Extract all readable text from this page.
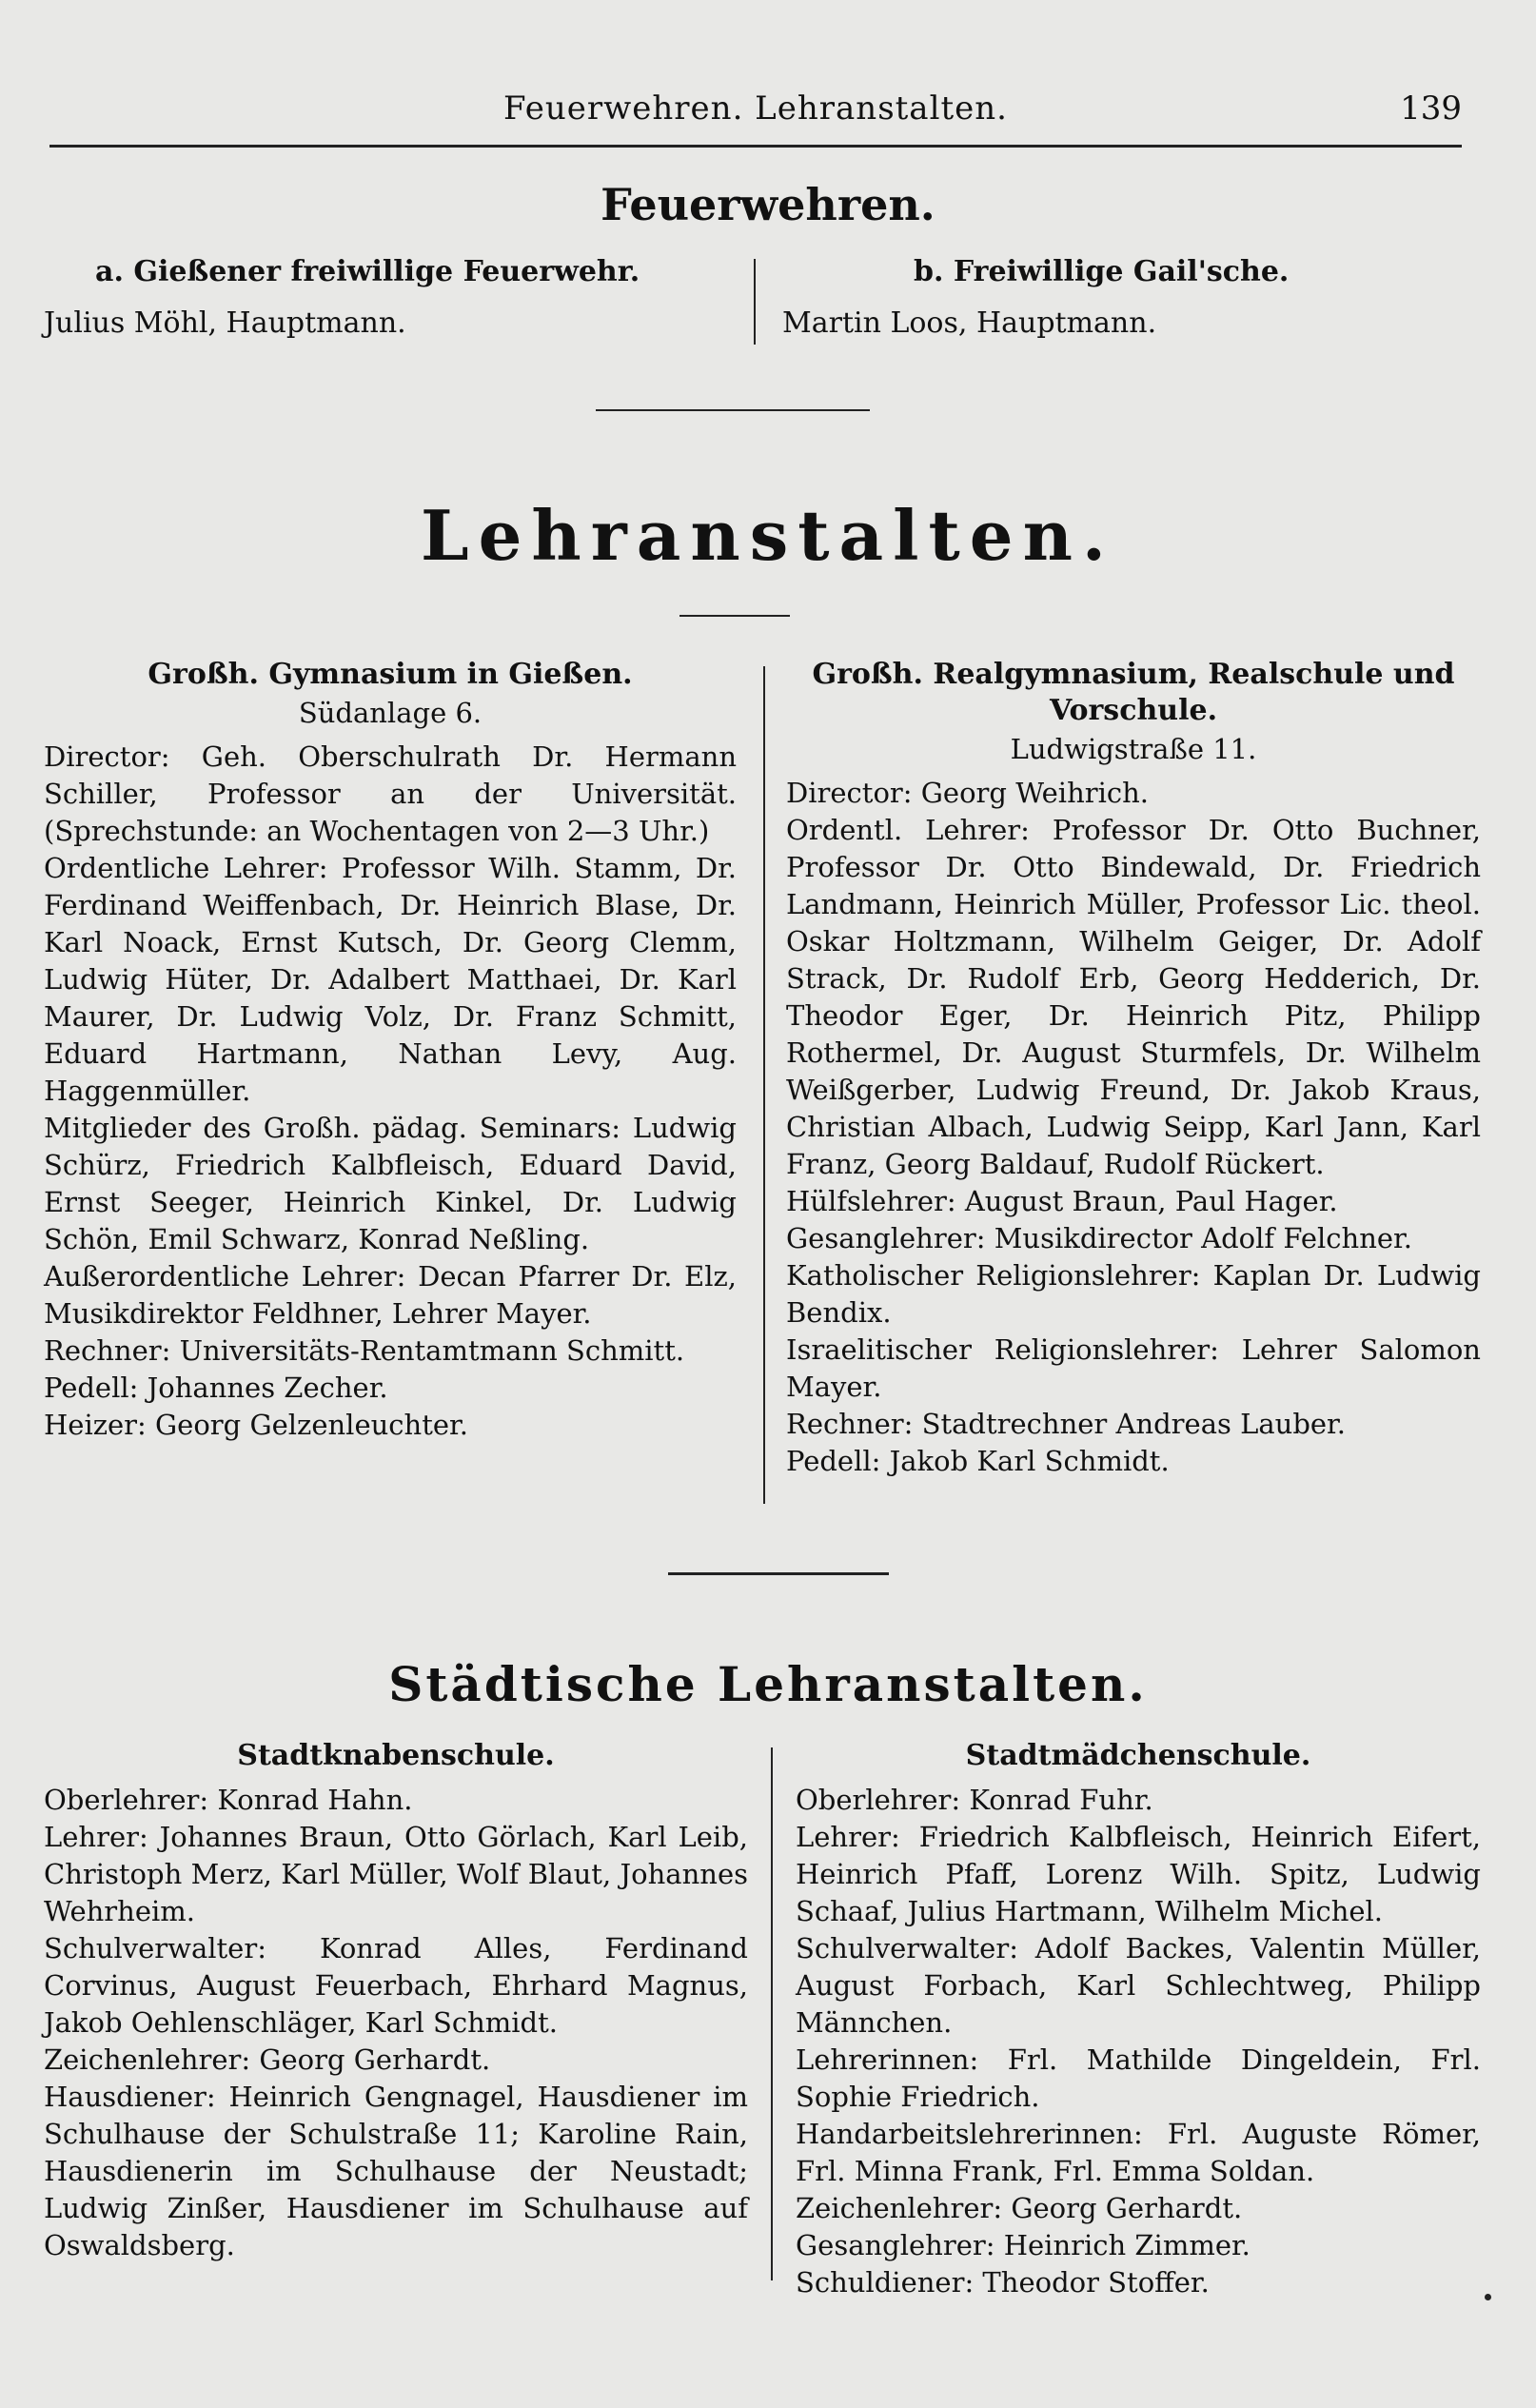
Feuerwehren. Lehranstalten.	139
Feuerwehren.
a. Gießener freiwillige Feuerwehr.
Julius Möhl, Hauptmann.
b. Freiwillige Gail'sche.
Martin Loos, Hauptmann.
Lehranstalten.
Großh. Gymnasium in Gießen.
Südanlage 6.

Director: Geh. Oberschulrath Dr. Hermann Schiller, Professor an der Universität. (Sprechstunde: an Wochentagen von 2—3 Uhr.)

Ordentliche Lehrer: Professor Wilh. Stamm, Dr. Ferdinand Weiffenbach, Dr. Heinrich Blase, Dr. Karl Noack, Ernst Kutsch, Dr. Georg Clemm, Ludwig Hüter, Dr. Adalbert Matthaei, Dr. Karl Maurer, Dr. Ludwig Volz, Dr. Franz Schmitt, Eduard Hartmann, Nathan Levy, Aug. Haggenmüller.

Mitglieder des Großh. pädag. Seminars: Ludwig Schürz, Friedrich Kalbfleisch, Eduard David, Ernst Seeger, Heinrich Kinkel, Dr. Ludwig Schön, Emil Schwarz, Konrad Neßling.

Außerordentliche Lehrer: Decan Pfarrer Dr. Elz, Musikdirektor Feldhner, Lehrer Mayer.

Rechner: Universitäts-Rentamtmann Schmitt.

Pedell: Johannes Zecher.

Heizer: Georg Gelzenleuchter.

Großh. Realgymnasium, Realschule und Vorschule.
Ludwigstraße 11.

Director: Georg Weihrich.

Ordentl. Lehrer: Professor Dr. Otto Buchner, Professor Dr. Otto Bindewald, Dr. Friedrich Landmann, Heinrich Müller, Professor Lic. theol. Oskar Holtzmann, Wilhelm Geiger, Dr. Adolf Strack, Dr. Rudolf Erb, Georg Hedderich, Dr. Theodor Eger, Dr. Heinrich Pitz, Philipp Rothermel, Dr. August Sturmfels, Dr. Wilhelm Weißgerber, Ludwig Freund, Dr. Jakob Kraus, Christian Albach, Ludwig Seipp, Karl Jann, Karl Franz, Georg Baldauf, Rudolf Rückert.

Hülfslehrer: August Braun, Paul Hager.

Gesanglehrer: Musikdirector Adolf Felchner.

Katholischer Religionslehrer: Kaplan Dr. Ludwig Bendix.

Israelitischer Religionslehrer: Lehrer Salomon Mayer.

Rechner: Stadtrechner Andreas Lauber.

Pedell: Jakob Karl Schmidt.

Städtische Lehranstalten.
Stadtknabenschule.

Oberlehrer: Konrad Hahn.

Lehrer: Johannes Braun, Otto Görlach, Karl Leib, Christoph Merz, Karl Müller, Wolf Blaut, Johannes Wehrheim.

Schulverwalter: Konrad Alles, Ferdinand Corvinus, August Feuerbach, Ehrhard Magnus, Jakob Oehlenschläger, Karl Schmidt.

Zeichenlehrer: Georg Gerhardt.

Hausdiener: Heinrich Gengnagel, Hausdiener im Schulhause der Schulstraße 11; Karoline Rain, Hausdienerin im Schulhause der Neustadt; Ludwig Zinßer, Hausdiener im Schulhause auf Oswaldsberg.

Stadtmädchenschule.

Oberlehrer: Konrad Fuhr.

Lehrer: Friedrich Kalbfleisch, Heinrich Eifert, Heinrich Pfaff, Lorenz Wilh. Spitz, Ludwig Schaaf, Julius Hartmann, Wilhelm Michel.

Schulverwalter: Adolf Backes, Valentin Müller, August Forbach, Karl Schlechtweg, Philipp Männchen.

Lehrerinnen: Frl. Mathilde Dingeldein, Frl. Sophie Friedrich.

Handarbeitslehrerinnen: Frl. Auguste Römer, Frl. Minna Frank, Frl. Emma Soldan.

Zeichenlehrer: Georg Gerhardt.

Gesanglehrer: Heinrich Zimmer.

Schuldiener: Theodor Stoffer.
